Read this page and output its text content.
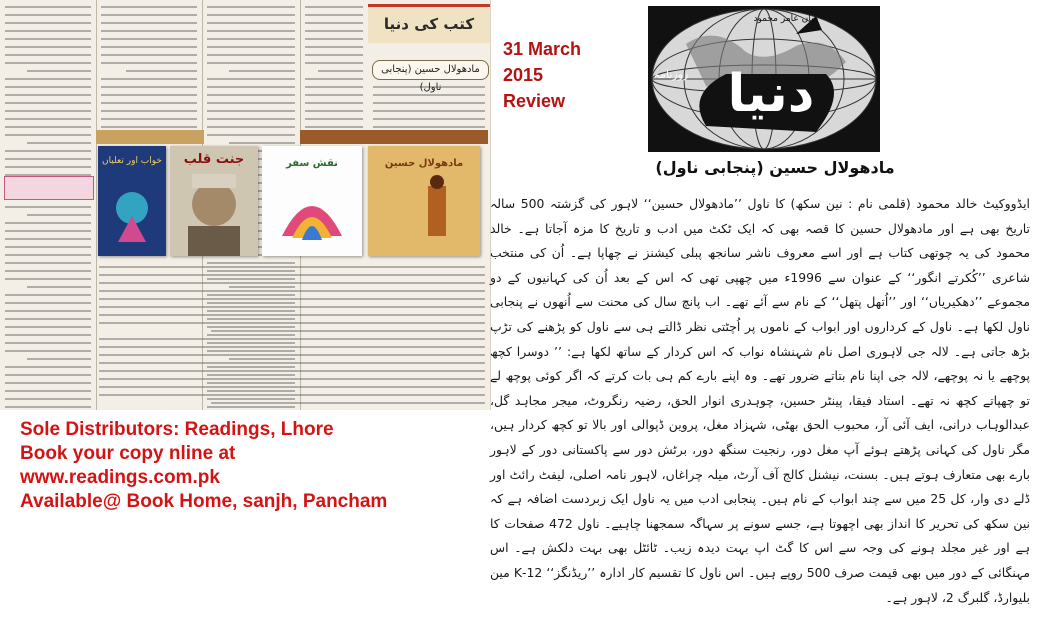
کتب کی دنیا
مادھولال حسین (پنجابی ناول)
مادھولال حسین
نقش سفر
جنت قلب
خواب اور تعلیاں
31 March
2015
Review
Sole Distributors: Readings, Lhore
Book your copy nline at
www.readings.com.pk
Available@ Book Home, sanjh, Pancham
دنیا
روزنامہ
میاں عامر محمود
مادھولال حسین (پنجابی ناول)

ایڈووکیٹ خالد محمود (قلمی نام : نین سکھ) کا ناول ’’مادھولال حسین‘‘ لاہور کی گزشتہ 500 سالہ تاریخ بھی ہے اور مادھولال حسین کا قصہ بھی کہ ایک ٹکٹ میں ادب و تاریخ کا مزہ آجاتا ہے۔ خالد محمود کی یہ چوتھی کتاب ہے اور اسے معروف ناشر سانجھ پبلی کیشنز نے چھاپا ہے۔ اُن کی منتخب شاعری ’’کُکرتے انگور‘‘ کے عنوان سے 1996ء میں چھپی تھی کہ اس کے بعد اُن کی کہانیوں کے دو مجموعے ’’دھکیریاں‘‘ اور ’’اُتھل پتھل‘‘ کے نام سے آئے تھے۔ اب پانچ سال کی محنت سے اُنھوں نے پنجابی ناول لکھا ہے۔ ناول کے کرداروں اور ابواب کے ناموں پر اُچٹتی نظر ڈالتے ہی سے ناول کو پڑھنے کی تڑپ بڑھ جاتی ہے۔ لالہ جی لاہوری اصل نام شہنشاہ نواب کہ اس کردار کے ساتھ لکھا ہے: ’’ دوسرا کچھ پوچھے یا نہ پوچھے، لالہ جی اپنا نام بتاتے ضرور تھے۔ وہ اپنے بارے کم ہی بات کرتے کہ اگر کوئی پوچھ لے تو چھپاتے کچھ نہ تھے۔ استاد فیقا، پینٹر حسین، چوہدری انوار الحق، رضیہ رنگروٹ، میجر مجاہد گل، عبدالوہاب درانی، ایف آئی آر، محبوب الحق بھٹی، شہزاد مغل، پروین ڈپوالی اور بالا تو کچھ کردار ہیں، مگر ناول کی کہانی پڑھتے ہوئے آپ مغل دور، رنجیت سنگھ دور، برٹش دور سے پاکستانی دور کے لاہور بارے بھی متعارف ہوتے ہیں۔ بسنت، نیشنل کالج آف آرٹ، میلہ چراغاں، لاہور نامہ اصلی، لیفٹ رائٹ اور ڈلے دی وار، کل 25 میں سے چند ابواب کے نام ہیں۔ پنجابی ادب میں یہ ناول ایک زبردست اضافہ ہے کہ نین سکھ کی تحریر کا انداز بھی اچھوتا ہے، جسے سونے پر سہاگہ سمجھنا چاہیے۔ ناول 472 صفحات کا ہے اور غیر مجلد ہونے کی وجہ سے اس کا گٹ اپ بہت دیدہ زیب۔ ٹائٹل بھی بہت دلکش ہے۔ اس مہنگائی کے دور میں بھی قیمت صرف 500 روپے ہیں۔ اس ناول کا تقسیم کار ادارہ ’’ریڈنگز‘‘ 12-K مین بلیوارڈ، گلبرگ 2، لاہور ہے۔
